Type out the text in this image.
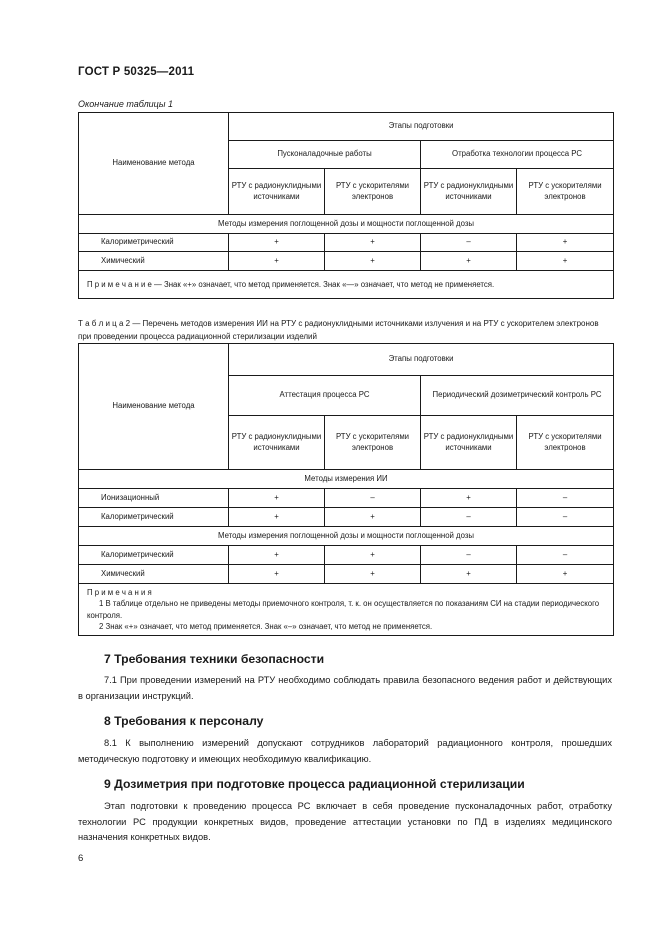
ГОСТ Р 50325—2011
Окончание таблицы 1
Наименование метода	Этапы подготовки			
	Пусконаладочные работы		Отработка технологии процесса РС	
	РТУ с радионуклидными источниками	РТУ с ускорителями электронов	РТУ с радионуклидными источниками	РТУ с ускорителями электронов
Методы измерения поглощенной дозы и мощности поглощенной дозы				
Калориметрический	+	+	–	+
Химический	+	+	+	+
П р и м е ч а н и е — Знак «+» означает, что метод применяется. Знак «—» означает, что метод не применяется.				
Т а б л и ц а 2 — Перечень методов измерения ИИ на РТУ с радионуклидными источниками излучения и на РТУ с ускорителем электронов при проведении процесса радиационной стерилизации изделий
Наименование метода	Этапы подготовки			
	Аттестация процесса РС		Периодический дозиметрический контроль РС	
	РТУ с радионуклидными источниками	РТУ с ускорителями электронов	РТУ с радионуклидными источниками	РТУ с ускорителями электронов
Методы измерения ИИ				
Ионизационный	+	–	+	–
Калориметрический	+	+	–	–
Методы измерения поглощенной дозы и мощности поглощенной дозы				
Калориметрический	+	+	–	–
Химический	+	+	+	+

П р и м е ч а н и я
1 В таблице отдельно не приведены методы приемочного контроля, т. к. он осуществляется по показаниям СИ на стадии периодического контроля.
2 Знак «+» означает, что метод применяется. Знак «–» означает, что метод не применяется.				
7 Требования техники безопасности

7.1 При проведении измерений на РТУ необходимо соблюдать правила безопасного ведения работ и действующих в организации инструкций.

8 Требования к персоналу

8.1 К выполнению измерений допускают сотрудников лабораторий радиационного контроля, прошедших методическую подготовку и имеющих необходимую квалификацию.

9 Дозиметрия при подготовке процесса радиационной стерилизации

Этап подготовки к проведению процесса РС включает в себя проведение пусконаладочных работ, отработку технологии РС продукции конкретных видов, проведение аттестации установки по ПД в изделиях медицинского назначения конкретных видов.

6
